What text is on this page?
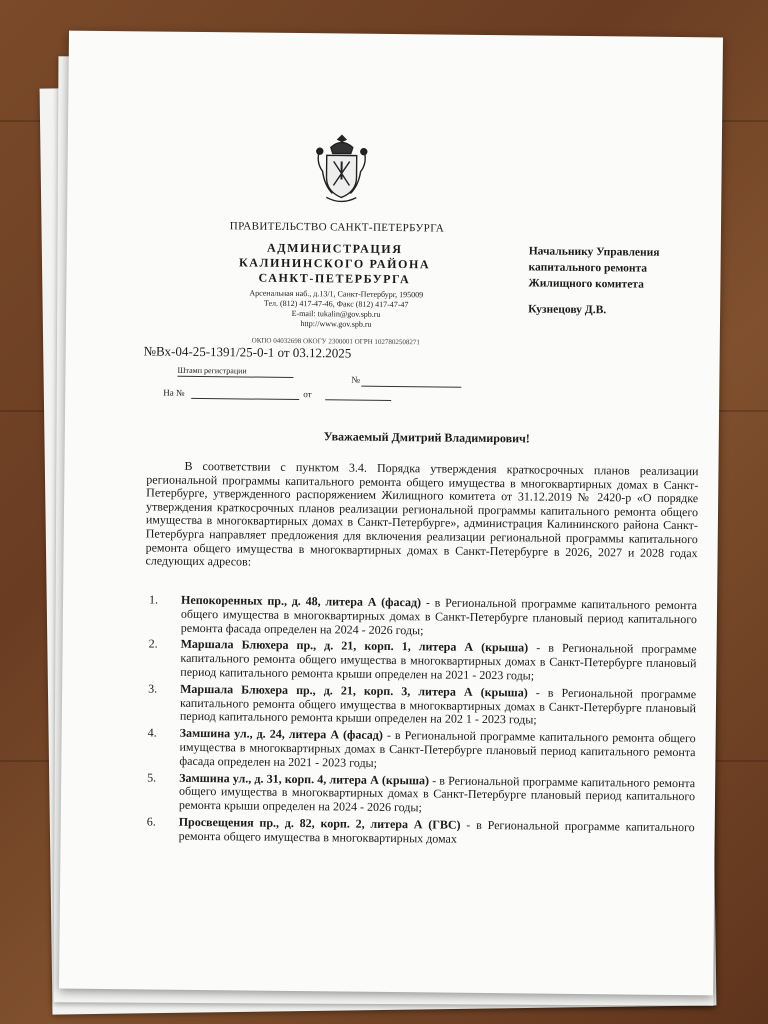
ПРАВИТЕЛЬСТВО САНКТ-ПЕТЕРБУРГА
АДМИНИСТРАЦИЯ
КАЛИНИНСКОГО РАЙОНА
САНКТ-ПЕТЕРБУРГА
Арсенальная наб., д.13/1, Санкт-Петербург, 195009
Тел. (812) 417-47-46, Факс (812) 417-47-47
E-mail: tukalin@gov.spb.ru
http://www.gov.spb.ru
ОКПО 04032698 ОКОГУ 2300001 ОГРН 1027802508271
№Вх-04-25-1391/25-0-1 от 03.12.2025
Штамп регистрации
№
На №	от
Начальнику Управления
капитального ремонта
Жилищного комитета
Кузнецову Д.В.
Уважаемый Дмитрий Владимирович!
В соответствии с пунктом 3.4. Порядка утверждения краткосрочных планов реализации региональной программы капитального ремонта общего имущества в многоквартирных домах в Санкт-Петербурге, утвержденного распоряжением Жилищного комитета от 31.12.2019 № 2420-р «О порядке утверждения краткосрочных планов реализации региональной программы капитального ремонта общего имущества в многоквартирных домах в Санкт-Петербурге», администрация Калининского района Санкт-Петербурга направляет предложения для включения реализации региональной программы капитального ремонта общего имущества в многоквартирных домах в Санкт-Петербурге в 2026, 2027 и 2028 годах следующих адресов:
1. Непокоренных пр., д. 48, литера А (фасад) - в Региональной программе капитального ремонта общего имущества в многоквартирных домах в Санкт-Петербурге плановый период капитального ремонта фасада определен на 2024 - 2026 годы;
2. Маршала Блюхера пр., д. 21, корп. 1, литера А (крыша) - в Региональной программе капитального ремонта общего имущества в многоквартирных домах в Санкт-Петербурге плановый период капитального ремонта крыши определен на 2021 - 2023 годы;
3. Маршала Блюхера пр., д. 21, корп. 3, литера А (крыша) - в Региональной программе капитального ремонта общего имущества в многоквартирных домах в Санкт-Петербурге плановый период капитального ремонта крыши определен на 202 1 - 2023 годы;
4. Замшина ул., д. 24, литера А (фасад) - в Региональной программе капитального ремонта общего имущества в многоквартирных домах в Санкт-Петербурге плановый период капитального ремонта фасада определен на 2021 - 2023 годы;
5. Замшина ул., д. 31, корп. 4, литера А (крыша) - в Региональной программе капитального ремонта общего имущества в многоквартирных домах в Санкт-Петербурге плановый период капитального ремонта крыши определен на 2024 - 2026 годы;
6. Просвещения пр., д. 82, корп. 2, литера А (ГВС) - в Региональной программе капитального ремонта общего имущества в многоквартирных домах
